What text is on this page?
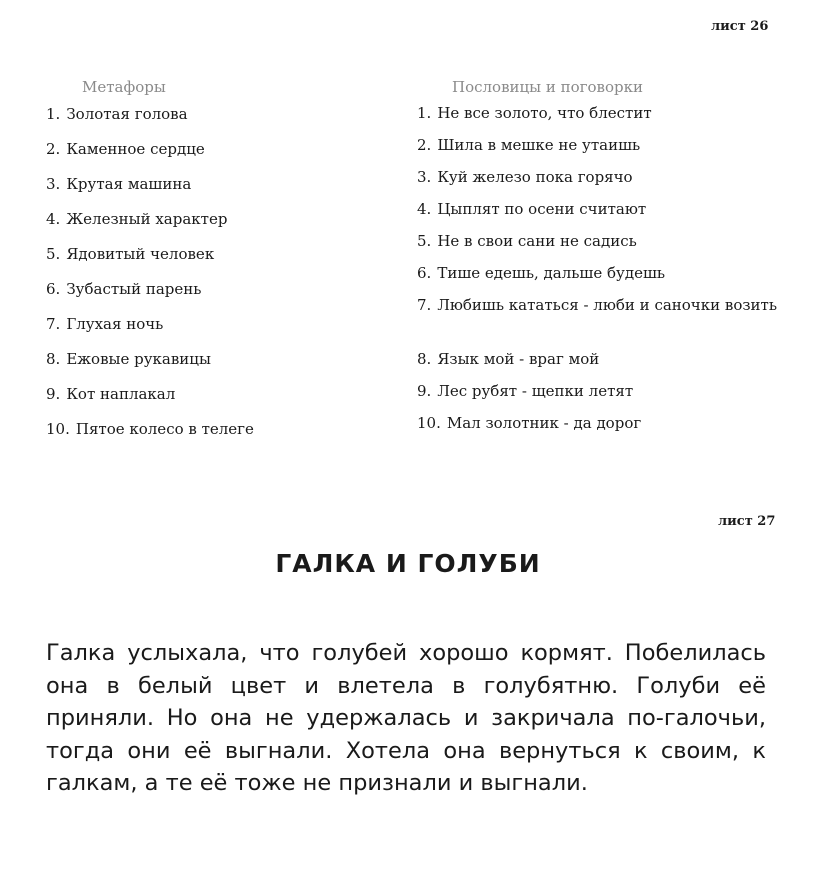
лист 26
Метафоры
1. Золотая голова
2. Каменное сердце
3. Крутая машина
4. Железный характер
5. Ядовитый человек
6. Зубастый парень
7. Глухая ночь
8. Ежовые рукавицы
9. Кот наплакал
10. Пятое колесо в телеге
Пословицы и поговорки
1. Не все золото, что блестит
2. Шила в мешке не утаишь
3. Куй железо пока горячо
4. Цыплят по осени считают
5. Не в свои сани не садись
6. Тише едешь, дальше будешь
7. Любишь кататься - люби и саночки возить
8. Язык мой - враг мой
9. Лес рубят - щепки летят
10. Мал золотник - да дорог
лист 27
ГАЛКА И ГОЛУБИ

Галка услыхала, что голубей хорошо кормят. Побелилась она в белый цвет и влетела в голубятню. Голуби её приняли. Но она не удержалась и закричала по-галочьи, тогда они её выгнали. Хотела она вернуться к своим, к галкам, а те её тоже не признали и выгнали.
